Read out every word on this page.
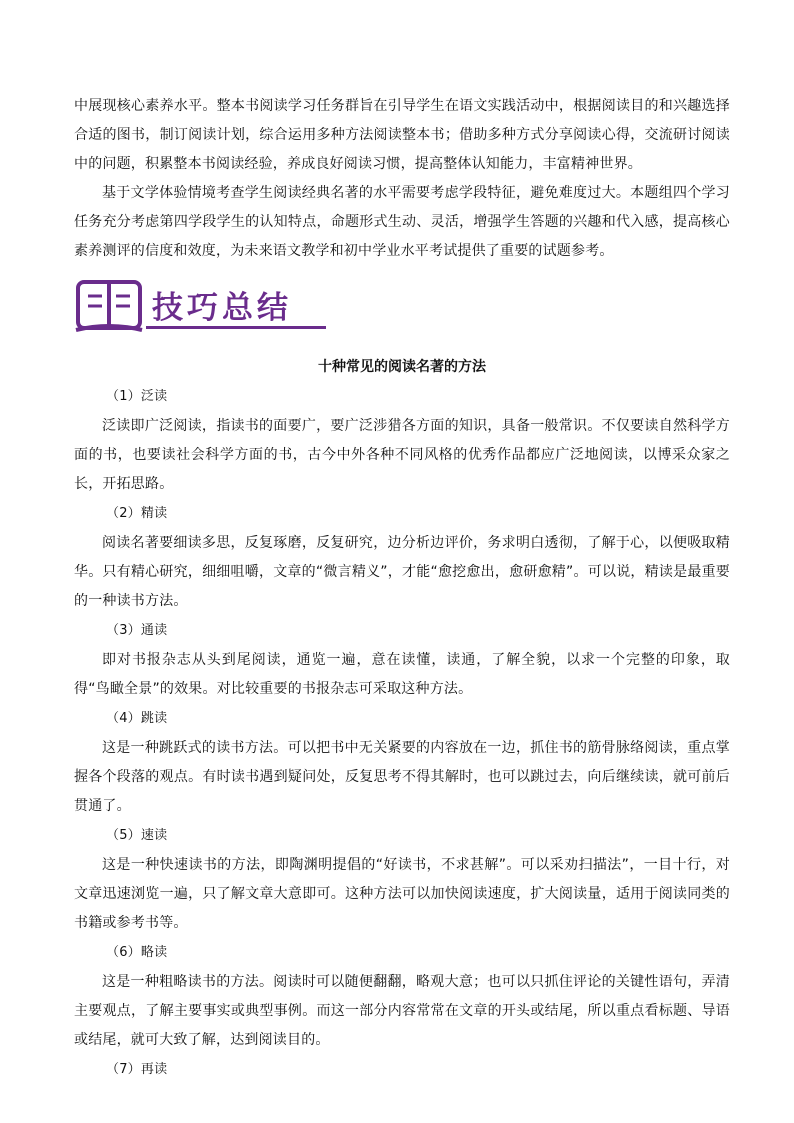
中展现核心素养水平。整本书阅读学习任务群旨在引导学生在语文实践活动中，根据阅读目的和兴趣选择合适的图书，制订阅读计划，综合运用多种方法阅读整本书；借助多种方式分享阅读心得，交流研讨阅读中的问题，积累整本书阅读经验，养成良好阅读习惯，提高整体认知能力，丰富精神世界。

基于文学体验情境考查学生阅读经典名著的水平需要考虑学段特征，避免难度过大。本题组四个学习任务充分考虑第四学段学生的认知特点，命题形式生动、灵活，增强学生答题的兴趣和代入感，提高核心素养测评的信度和效度，为未来语文教学和初中学业水平考试提供了重要的试题参考。

技巧总结
十种常见的阅读名著的方法

（1）泛读

泛读即广泛阅读，指读书的面要广，要广泛涉猎各方面的知识，具备一般常识。不仅要读自然科学方面的书，也要读社会科学方面的书，古今中外各种不同风格的优秀作品都应广泛地阅读，以博采众家之长，开拓思路。

（2）精读

阅读名著要细读多思，反复琢磨，反复研究，边分析边评价，务求明白透彻，了解于心，以便吸取精华。只有精心研究，细细咀嚼，文章的“微言精义”，才能“愈挖愈出，愈研愈精”。可以说，精读是最重要的一种读书方法。

（3）通读

即对书报杂志从头到尾阅读，通览一遍，意在读懂，读通，了解全貌，以求一个完整的印象，取得“鸟瞰全景”的效果。对比较重要的书报杂志可采取这种方法。

（4）跳读

这是一种跳跃式的读书方法。可以把书中无关紧要的内容放在一边，抓住书的筋骨脉络阅读，重点掌握各个段落的观点。有时读书遇到疑问处，反复思考不得其解时，也可以跳过去，向后继续读，就可前后贯通了。

（5）速读

这是一种快速读书的方法，即陶渊明提倡的“好读书，不求甚解”。可以采劝扫描法”，一目十行，对文章迅速浏览一遍，只了解文章大意即可。这种方法可以加快阅读速度，扩大阅读量，适用于阅读同类的书籍或参考书等。

（6）略读

这是一种粗略读书的方法。阅读时可以随便翻翻，略观大意；也可以只抓住评论的关键性语句，弄清主要观点，了解主要事实或典型事例。而这一部分内容常常在文章的开头或结尾，所以重点看标题、导语或结尾，就可大致了解，达到阅读目的。

（7）再读
